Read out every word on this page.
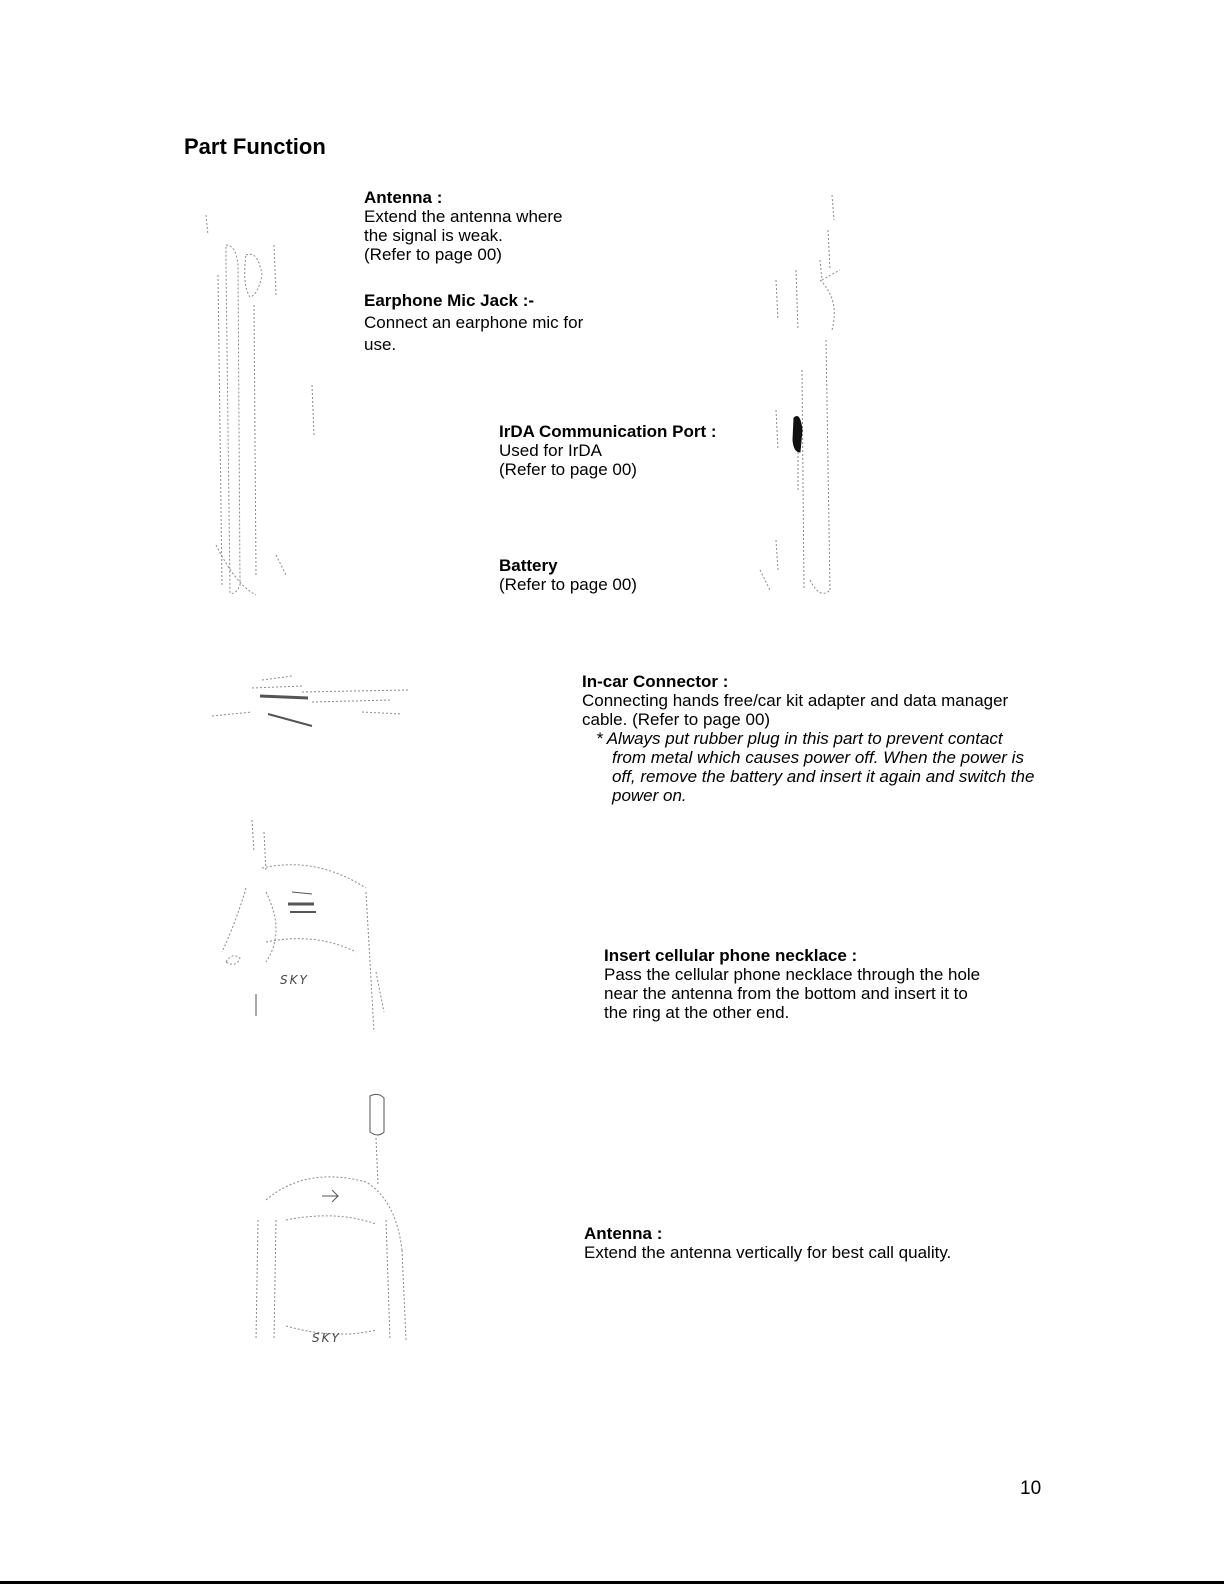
Part Function

Antenna :

Extend the antenna where

the signal is weak.

(Refer to page 00)

Earphone Mic Jack :-

Connect an earphone mic for

use.

IrDA Communication Port :

Used for IrDA

(Refer to page 00)

Battery

(Refer to page 00)

In-car Connector :

Connecting hands free/car kit adapter and data manager

cable. (Refer to page 00)

* Always put rubber plug in this part to prevent contact

from metal which causes power off. When the power is

off, remove the battery and insert it again and switch the

power on.

Insert cellular phone necklace :

Pass the cellular phone necklace through the hole

near the antenna from the bottom and insert it to

the ring at the other end.

Antenna :

Extend the antenna vertically for best call quality.

SKY
SKY
10
